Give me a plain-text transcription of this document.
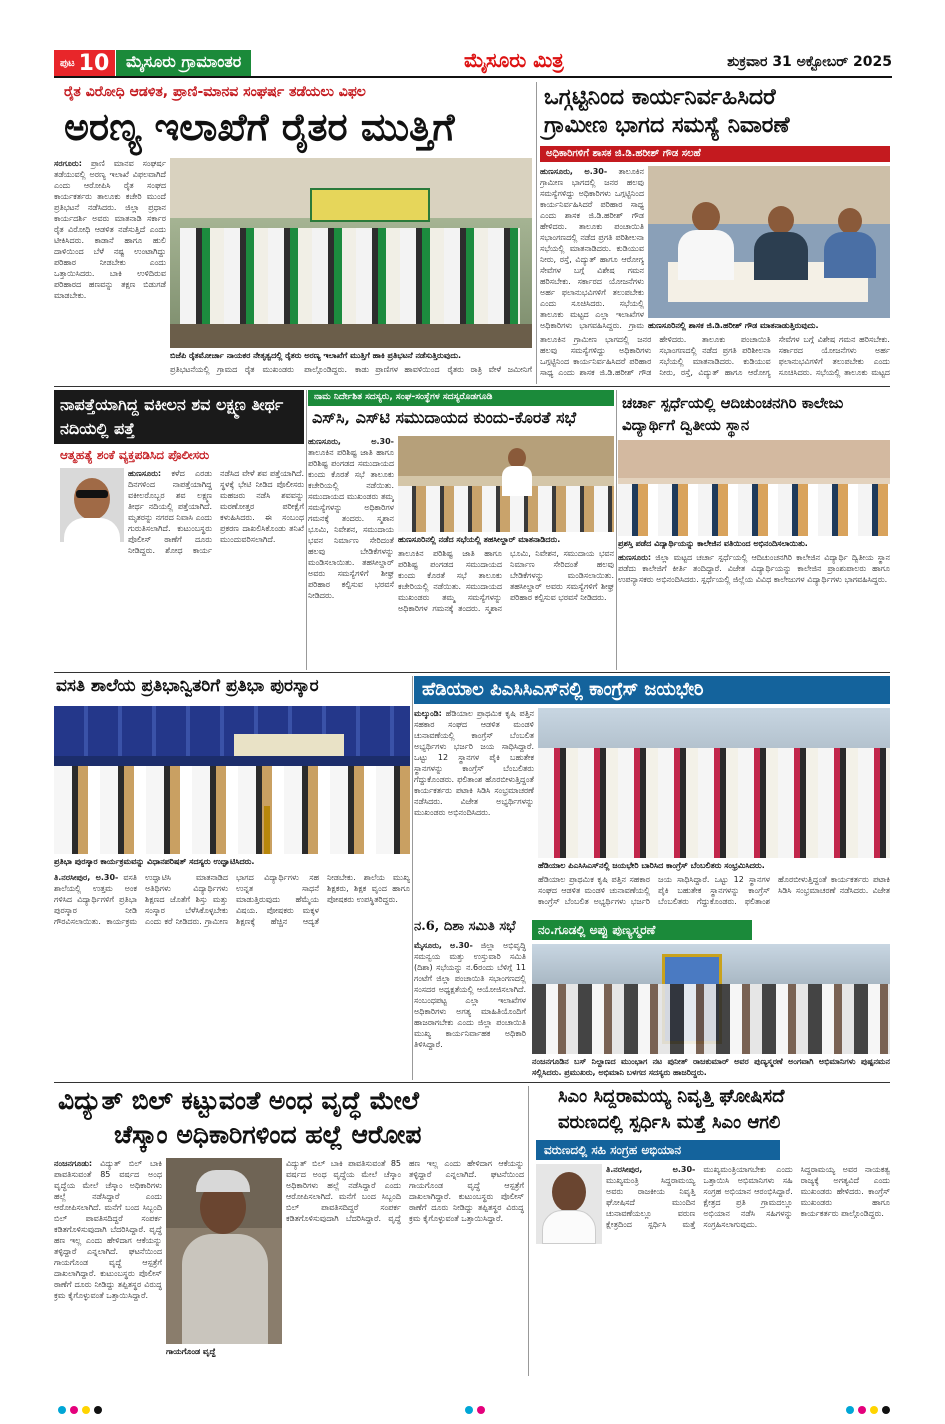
ಪುಟ 10	ಮೈಸೂರು ಗ್ರಾಮಾಂತರ	ಮೈಸೂರು ಮಿತ್ರ	ಶುಕ್ರವಾರ 31 ಅಕ್ಟೋಬರ್ 2025
ರೈತ ವಿರೋಧಿ ಆಡಳಿತ, ಪ್ರಾಣಿ-ಮಾನವ ಸಂಘರ್ಷ ತಡೆಯಲು ವಿಫಲ
ಅರಣ್ಯ ಇಲಾಖೆಗೆ ರೈತರ ಮುತ್ತಿಗೆ
ಸರಗೂರು: ಪ್ರಾಣಿ ಮಾನವ ಸಂಘರ್ಷ ತಡೆಯುವಲ್ಲಿ ಅರಣ್ಯ ಇಲಾಖೆ ವಿಫಲವಾಗಿದೆ ಎಂದು ಆರೋಪಿಸಿ ರೈತ ಸಂಘದ ಕಾರ್ಯಕರ್ತರು ತಾಲೂಕು ಕಚೇರಿ ಮುಂದೆ ಪ್ರತಿಭಟನೆ ನಡೆಸಿದರು. ಜಿಲ್ಲಾ ಪ್ರಧಾನ ಕಾರ್ಯದರ್ಶಿ ಅವರು ಮಾತನಾಡಿ ಸರ್ಕಾರ ರೈತ ವಿರೋಧಿ ಆಡಳಿತ ನಡೆಸುತ್ತಿದೆ ಎಂದು ಟೀಕಿಸಿದರು. ಕಾಡಾನೆ ಹಾಗೂ ಹುಲಿ ದಾಳಿಯಿಂದ ಬೆಳೆ ನಷ್ಟ ಉಂಟಾಗಿದ್ದು ಪರಿಹಾರ ನೀಡಬೇಕು ಎಂದು ಒತ್ತಾಯಿಸಿದರು. ಬಾಕಿ ಉಳಿದಿರುವ ಪರಿಹಾರದ ಹಣವನ್ನು ತಕ್ಷಣ ಬಿಡುಗಡೆ ಮಾಡಬೇಕು.
ಬಿಜೆಪಿ ರೈತಮೋರ್ಚಾ ನಾಯಕರ ನೇತೃತ್ವದಲ್ಲಿ ರೈತರು ಅರಣ್ಯ ಇಲಾಖೆಗೆ ಮುತ್ತಿಗೆ ಹಾಕಿ ಪ್ರತಿಭಟನೆ ನಡೆಸುತ್ತಿರುವುದು.
ಪ್ರತಿಭಟನೆಯಲ್ಲಿ ಗ್ರಾಮದ ರೈತ ಮುಖಂಡರು ಪಾಲ್ಗೊಂಡಿದ್ದರು. ಕಾಡು ಪ್ರಾಣಿಗಳ ಹಾವಳಿಯಿಂದ ರೈತರು ರಾತ್ರಿ ವೇಳೆ ಜಮೀನಿಗೆ
ಒಗ್ಗಟ್ಟಿನಿಂದ ಕಾರ್ಯನಿರ್ವಹಿಸಿದರೆ
ಗ್ರಾಮೀಣ ಭಾಗದ ಸಮಸ್ಯೆ ನಿವಾರಣೆ
ಅಧಿಕಾರಿಗಳಿಗೆ ಶಾಸಕ ಜಿ.ಡಿ.ಹರೀಶ್ ಗೌಡ ಸಲಹೆ
ಹುಣಸೂರು, ಅ.30- ತಾಲೂಕಿನ ಗ್ರಾಮೀಣ ಭಾಗದಲ್ಲಿ ಜನರ ಹಲವು ಸಮಸ್ಯೆಗಳಿದ್ದು ಅಧಿಕಾರಿಗಳು ಒಗ್ಗಟ್ಟಿನಿಂದ ಕಾರ್ಯನಿರ್ವಹಿಸಿದರೆ ಪರಿಹಾರ ಸಾಧ್ಯ ಎಂದು ಶಾಸಕ ಜಿ.ಡಿ.ಹರೀಶ್ ಗೌಡ ಹೇಳಿದರು. ತಾಲೂಕು ಪಂಚಾಯಿತಿ ಸಭಾಂಗಣದಲ್ಲಿ ನಡೆದ ಪ್ರಗತಿ ಪರಿಶೀಲನಾ ಸಭೆಯಲ್ಲಿ ಮಾತನಾಡಿದರು. ಕುಡಿಯುವ ನೀರು, ರಸ್ತೆ, ವಿದ್ಯುತ್ ಹಾಗೂ ಆರೋಗ್ಯ ಸೇವೆಗಳ ಬಗ್ಗೆ ವಿಶೇಷ ಗಮನ ಹರಿಸಬೇಕು. ಸರ್ಕಾರದ ಯೋಜನೆಗಳು ಅರ್ಹ ಫಲಾನುಭವಿಗಳಿಗೆ ತಲುಪಬೇಕು ಎಂದು ಸೂಚಿಸಿದರು. ಸಭೆಯಲ್ಲಿ ತಾಲೂಕು ಮಟ್ಟದ ಎಲ್ಲಾ ಇಲಾಖೆಗಳ ಅಧಿಕಾರಿಗಳು ಭಾಗವಹಿಸಿದ್ದರು. ಗ್ರಾಮ ಹುಣಸೂರಿನಲ್ಲಿ ಶಾಸಕ ಜಿ.ಡಿ.ಹರೀಶ್ ಗೌಡ ಮಾತನಾಡುತ್ತಿರುವುದು.
ತಾಲೂಕಿನ ಗ್ರಾಮೀಣ ಭಾಗದಲ್ಲಿ ಜನರ ಹಲವು ಸಮಸ್ಯೆಗಳಿದ್ದು ಅಧಿಕಾರಿಗಳು ಒಗ್ಗಟ್ಟಿನಿಂದ ಕಾರ್ಯನಿರ್ವಹಿಸಿದರೆ ಪರಿಹಾರ ಸಾಧ್ಯ ಎಂದು ಶಾಸಕ ಜಿ.ಡಿ.ಹರೀಶ್ ಗೌಡ ಹೇಳಿದರು. ತಾಲೂಕು ಪಂಚಾಯಿತಿ ಸಭಾಂಗಣದಲ್ಲಿ ನಡೆದ ಪ್ರಗತಿ ಪರಿಶೀಲನಾ ಸಭೆಯಲ್ಲಿ ಮಾತನಾಡಿದರು. ಕುಡಿಯುವ ನೀರು, ರಸ್ತೆ, ವಿದ್ಯುತ್ ಹಾಗೂ ಆರೋಗ್ಯ ಸೇವೆಗಳ ಬಗ್ಗೆ ವಿಶೇಷ ಗಮನ ಹರಿಸಬೇಕು. ಸರ್ಕಾರದ ಯೋಜನೆಗಳು ಅರ್ಹ ಫಲಾನುಭವಿಗಳಿಗೆ ತಲುಪಬೇಕು ಎಂದು ಸೂಚಿಸಿದರು. ಸಭೆಯಲ್ಲಿ ತಾಲೂಕು ಮಟ್ಟದ
ನಾಪತ್ತೆಯಾಗಿದ್ದ ವಕೀಲನ ಶವ ಲಕ್ಷ್ಮಣ ತೀರ್ಥ ನದಿಯಲ್ಲಿ ಪತ್ತೆ
ಆತ್ಮಹತ್ಯೆ ಶಂಕೆ ವ್ಯಕ್ತಪಡಿಸಿದ ಪೊಲೀಸರು
ಹುಣಸೂರು: ಕಳೆದ ಎರಡು ದಿನಗಳಿಂದ ನಾಪತ್ತೆಯಾಗಿದ್ದ ವಕೀಲರೊಬ್ಬರ ಶವ ಲಕ್ಷ್ಮಣ ತೀರ್ಥ ನದಿಯಲ್ಲಿ ಪತ್ತೆಯಾಗಿದೆ. ಮೃತರನ್ನು ನಗರದ ನಿವಾಸಿ ಎಂದು ಗುರುತಿಸಲಾಗಿದೆ. ಕುಟುಂಬಸ್ಥರು ಪೊಲೀಸ್ ಠಾಣೆಗೆ ದೂರು ನೀಡಿದ್ದರು. ಶೋಧ ಕಾರ್ಯ ನಡೆಸಿದ ವೇಳೆ ಶವ ಪತ್ತೆಯಾಗಿದೆ. ಸ್ಥಳಕ್ಕೆ ಭೇಟಿ ನೀಡಿದ ಪೊಲೀಸರು ಮಹಜರು ನಡೆಸಿ ಶವವನ್ನು ಮರಣೋತ್ತರ ಪರೀಕ್ಷೆಗೆ ಕಳುಹಿಸಿದರು. ಈ ಸಂಬಂಧ ಪ್ರಕರಣ ದಾಖಲಿಸಿಕೊಂಡು ತನಿಖೆ ಮುಂದುವರಿಸಲಾಗಿದೆ.
ನಾಮ ನಿರ್ದೇಶಿತ ಸದಸ್ಯರು, ಸಂಘ-ಸಂಸ್ಥೆಗಳ ಸದಸ್ಯರೊಡಗೂಡಿ
ಎಸ್‌ಸಿ, ಎಸ್‌ಟಿ ಸಮುದಾಯದ ಕುಂದು-ಕೊರತೆ ಸಭೆ
ಹುಣಸೂರು, ಅ.30- ತಾಲೂಕಿನ ಪರಿಶಿಷ್ಟ ಜಾತಿ ಹಾಗೂ ಪರಿಶಿಷ್ಟ ಪಂಗಡದ ಸಮುದಾಯದ ಕುಂದು ಕೊರತೆ ಸಭೆ ತಾಲೂಕು ಕಚೇರಿಯಲ್ಲಿ ನಡೆಯಿತು. ಸಮುದಾಯದ ಮುಖಂಡರು ತಮ್ಮ ಸಮಸ್ಯೆಗಳನ್ನು ಅಧಿಕಾರಿಗಳ ಗಮನಕ್ಕೆ ತಂದರು. ಸ್ಮಶಾನ ಭೂಮಿ, ನಿವೇಶನ, ಸಮುದಾಯ ಭವನ ನಿರ್ಮಾಣ ಸೇರಿದಂತೆ ಹಲವು ಬೇಡಿಕೆಗಳನ್ನು ಮಂಡಿಸಲಾಯಿತು. ತಹಸೀಲ್ದಾರ್ ಅವರು ಸಮಸ್ಯೆಗಳಿಗೆ ಶೀಘ್ರ ಪರಿಹಾರ ಕಲ್ಪಿಸುವ ಭರವಸೆ ನೀಡಿದರು.
ಹುಣಸೂರಿನಲ್ಲಿ ನಡೆದ ಸಭೆಯಲ್ಲಿ ತಹಸೀಲ್ದಾರ್ ಮಾತನಾಡಿದರು.
ತಾಲೂಕಿನ ಪರಿಶಿಷ್ಟ ಜಾತಿ ಹಾಗೂ ಪರಿಶಿಷ್ಟ ಪಂಗಡದ ಸಮುದಾಯದ ಕುಂದು ಕೊರತೆ ಸಭೆ ತಾಲೂಕು ಕಚೇರಿಯಲ್ಲಿ ನಡೆಯಿತು. ಸಮುದಾಯದ ಮುಖಂಡರು ತಮ್ಮ ಸಮಸ್ಯೆಗಳನ್ನು ಅಧಿಕಾರಿಗಳ ಗಮನಕ್ಕೆ ತಂದರು. ಸ್ಮಶಾನ ಭೂಮಿ, ನಿವೇಶನ, ಸಮುದಾಯ ಭವನ ನಿರ್ಮಾಣ ಸೇರಿದಂತೆ ಹಲವು ಬೇಡಿಕೆಗಳನ್ನು ಮಂಡಿಸಲಾಯಿತು. ತಹಸೀಲ್ದಾರ್ ಅವರು ಸಮಸ್ಯೆಗಳಿಗೆ ಶೀಘ್ರ ಪರಿಹಾರ ಕಲ್ಪಿಸುವ ಭರವಸೆ ನೀಡಿದರು.
ಚರ್ಚಾ ಸ್ಪರ್ಧೆಯಲ್ಲಿ ಆದಿಚುಂಚನಗಿರಿ ಕಾಲೇಜು ವಿದ್ಯಾರ್ಥಿಗೆ ದ್ವಿತೀಯ ಸ್ಥಾನ
ಪ್ರಶಸ್ತಿ ಪಡೆದ ವಿದ್ಯಾರ್ಥಿಯನ್ನು ಕಾಲೇಜಿನ ವತಿಯಿಂದ ಅಭಿನಂದಿಸಲಾಯಿತು.
ಹುಣಸೂರು: ಜಿಲ್ಲಾ ಮಟ್ಟದ ಚರ್ಚಾ ಸ್ಪರ್ಧೆಯಲ್ಲಿ ಆದಿಚುಂಚನಗಿರಿ ಕಾಲೇಜಿನ ವಿದ್ಯಾರ್ಥಿ ದ್ವಿತೀಯ ಸ್ಥಾನ ಪಡೆದು ಕಾಲೇಜಿಗೆ ಕೀರ್ತಿ ತಂದಿದ್ದಾರೆ. ವಿಜೇತ ವಿದ್ಯಾರ್ಥಿಯನ್ನು ಕಾಲೇಜಿನ ಪ್ರಾಂಶುಪಾಲರು ಹಾಗೂ ಉಪನ್ಯಾಸಕರು ಅಭಿನಂದಿಸಿದರು. ಸ್ಪರ್ಧೆಯಲ್ಲಿ ಜಿಲ್ಲೆಯ ವಿವಿಧ ಕಾಲೇಜುಗಳ ವಿದ್ಯಾರ್ಥಿಗಳು ಭಾಗವಹಿಸಿದ್ದರು.
ವಸತಿ ಶಾಲೆಯ ಪ್ರತಿಭಾನ್ವಿತರಿಗೆ ಪ್ರತಿಭಾ ಪುರಸ್ಕಾರ
ಪ್ರತಿಭಾ ಪುರಸ್ಕಾರ ಕಾರ್ಯಕ್ರಮವನ್ನು ವಿಧಾನಪರಿಷತ್ ಸದಸ್ಯರು ಉದ್ಘಾಟಿಸಿದರು.
ತಿ.ನರಸೀಪುರ, ಅ.30- ವಸತಿ ಶಾಲೆಯಲ್ಲಿ ಉತ್ತಮ ಅಂಕ ಗಳಿಸಿದ ವಿದ್ಯಾರ್ಥಿಗಳಿಗೆ ಪ್ರತಿಭಾ ಪುರಸ್ಕಾರ ನೀಡಿ ಗೌರವಿಸಲಾಯಿತು. ಕಾರ್ಯಕ್ರಮ ಉದ್ಘಾಟಿಸಿ ಮಾತನಾಡಿದ ಅತಿಥಿಗಳು ವಿದ್ಯಾರ್ಥಿಗಳು ಶಿಕ್ಷಣದ ಜೊತೆಗೆ ಶಿಸ್ತು ಮತ್ತು ಸಂಸ್ಕಾರ ಬೆಳೆಸಿಕೊಳ್ಳಬೇಕು ಎಂದು ಕರೆ ನೀಡಿದರು. ಗ್ರಾಮೀಣ ಭಾಗದ ವಿದ್ಯಾರ್ಥಿಗಳು ಸಹ ಉನ್ನತ ಸಾಧನೆ ಮಾಡುತ್ತಿರುವುದು ಹೆಮ್ಮೆಯ ವಿಷಯ. ಪೋಷಕರು ಮಕ್ಕಳ ಶಿಕ್ಷಣಕ್ಕೆ ಹೆಚ್ಚಿನ ಆದ್ಯತೆ ನೀಡಬೇಕು. ಶಾಲೆಯ ಮುಖ್ಯ ಶಿಕ್ಷಕರು, ಶಿಕ್ಷಕ ವೃಂದ ಹಾಗೂ ಪೋಷಕರು ಉಪಸ್ಥಿತರಿದ್ದರು.
ಹೆಡಿಯಾಲ ಪಿಎಸಿಸಿಎಸ್‌ನಲ್ಲಿ ಕಾಂಗ್ರೆಸ್ ಜಯಭೇರಿ
ಮಲ್ಕುಂಡಿ: ಹೆಡಿಯಾಲ ಪ್ರಾಥಮಿಕ ಕೃಷಿ ಪತ್ತಿನ ಸಹಕಾರ ಸಂಘದ ಆಡಳಿತ ಮಂಡಳಿ ಚುನಾವಣೆಯಲ್ಲಿ ಕಾಂಗ್ರೆಸ್ ಬೆಂಬಲಿತ ಅಭ್ಯರ್ಥಿಗಳು ಭರ್ಜರಿ ಜಯ ಸಾಧಿಸಿದ್ದಾರೆ. ಒಟ್ಟು 12 ಸ್ಥಾನಗಳ ಪೈಕಿ ಬಹುತೇಕ ಸ್ಥಾನಗಳನ್ನು ಕಾಂಗ್ರೆಸ್ ಬೆಂಬಲಿತರು ಗೆದ್ದುಕೊಂಡರು. ಫಲಿತಾಂಶ ಹೊರಬೀಳುತ್ತಿದ್ದಂತೆ ಕಾರ್ಯಕರ್ತರು ಪಟಾಕಿ ಸಿಡಿಸಿ ಸಂಭ್ರಮಾಚರಣೆ ನಡೆಸಿದರು. ವಿಜೇತ ಅಭ್ಯರ್ಥಿಗಳನ್ನು ಮುಖಂಡರು ಅಭಿನಂದಿಸಿದರು.
ಹೆಡಿಯಾಲ ಪಿಎಸಿಸಿಎಸ್‌ನಲ್ಲಿ ಜಯಭೇರಿ ಬಾರಿಸಿದ ಕಾಂಗ್ರೆಸ್ ಬೆಂಬಲಿತರು ಸಂಭ್ರಮಿಸಿದರು.
ಹೆಡಿಯಾಲ ಪ್ರಾಥಮಿಕ ಕೃಷಿ ಪತ್ತಿನ ಸಹಕಾರ ಸಂಘದ ಆಡಳಿತ ಮಂಡಳಿ ಚುನಾವಣೆಯಲ್ಲಿ ಕಾಂಗ್ರೆಸ್ ಬೆಂಬಲಿತ ಅಭ್ಯರ್ಥಿಗಳು ಭರ್ಜರಿ ಜಯ ಸಾಧಿಸಿದ್ದಾರೆ. ಒಟ್ಟು 12 ಸ್ಥಾನಗಳ ಪೈಕಿ ಬಹುತೇಕ ಸ್ಥಾನಗಳನ್ನು ಕಾಂಗ್ರೆಸ್ ಬೆಂಬಲಿತರು ಗೆದ್ದುಕೊಂಡರು. ಫಲಿತಾಂಶ ಹೊರಬೀಳುತ್ತಿದ್ದಂತೆ ಕಾರ್ಯಕರ್ತರು ಪಟಾಕಿ ಸಿಡಿಸಿ ಸಂಭ್ರಮಾಚರಣೆ ನಡೆಸಿದರು. ವಿಜೇತ
ನ.6, ದಿಶಾ ಸಮಿತಿ ಸಭೆ
ಮೈಸೂರು, ಅ.30- ಜಿಲ್ಲಾ ಅಭಿವೃದ್ಧಿ ಸಮನ್ವಯ ಮತ್ತು ಉಸ್ತುವಾರಿ ಸಮಿತಿ (ದಿಶಾ) ಸಭೆಯನ್ನು ನ.6ರಂದು ಬೆಳಿಗ್ಗೆ 11 ಗಂಟೆಗೆ ಜಿಲ್ಲಾ ಪಂಚಾಯಿತಿ ಸಭಾಂಗಣದಲ್ಲಿ ಸಂಸದರ ಅಧ್ಯಕ್ಷತೆಯಲ್ಲಿ ಆಯೋಜಿಸಲಾಗಿದೆ. ಸಂಬಂಧಪಟ್ಟ ಎಲ್ಲಾ ಇಲಾಖೆಗಳ ಅಧಿಕಾರಿಗಳು ಅಗತ್ಯ ಮಾಹಿತಿಯೊಂದಿಗೆ ಹಾಜರಾಗಬೇಕು ಎಂದು ಜಿಲ್ಲಾ ಪಂಚಾಯಿತಿ ಮುಖ್ಯ ಕಾರ್ಯನಿರ್ವಾಹಕ ಅಧಿಕಾರಿ ತಿಳಿಸಿದ್ದಾರೆ.
ನಂ.ಗೂಡಲ್ಲಿ ಅಪ್ಪು ಪುಣ್ಯಸ್ಮರಣೆ
ನಂಜನಗೂಡಿನ ಬಸ್ ನಿಲ್ದಾಣದ ಮುಂಭಾಗ ನಟ ಪುನೀತ್ ರಾಜಕುಮಾರ್ ಅವರ ಪುಣ್ಯಸ್ಮರಣೆ ಅಂಗವಾಗಿ ಅಭಿಮಾನಿಗಳು ಪುಷ್ಪನಮನ ಸಲ್ಲಿಸಿದರು. ಪ್ರಮುಖರು, ಅಭಿಮಾನಿ ಬಳಗದ ಸದಸ್ಯರು ಹಾಜರಿದ್ದರು.
ವಿದ್ಯುತ್ ಬಿಲ್ ಕಟ್ಟುವಂತೆ ಅಂಧ ವೃದ್ಧೆ ಮೇಲೆ
ಚೆಸ್ಕಾಂ ಅಧಿಕಾರಿಗಳಿಂದ ಹಲ್ಲೆ ಆರೋಪ
ನಂಜನಗೂಡು: ವಿದ್ಯುತ್ ಬಿಲ್ ಬಾಕಿ ಪಾವತಿಸುವಂತೆ 85 ವರ್ಷದ ಅಂಧ ವೃದ್ಧೆಯ ಮೇಲೆ ಚೆಸ್ಕಾಂ ಅಧಿಕಾರಿಗಳು ಹಲ್ಲೆ ನಡೆಸಿದ್ದಾರೆ ಎಂದು ಆರೋಪಿಸಲಾಗಿದೆ. ಮನೆಗೆ ಬಂದ ಸಿಬ್ಬಂದಿ ಬಿಲ್ ಪಾವತಿಸದಿದ್ದರೆ ಸಂಪರ್ಕ ಕಡಿತಗೊಳಿಸುವುದಾಗಿ ಬೆದರಿಸಿದ್ದಾರೆ. ವೃದ್ಧೆ ಹಣ ಇಲ್ಲ ಎಂದು ಹೇಳಿದಾಗ ಆಕೆಯನ್ನು ತಳ್ಳಿದ್ದಾರೆ ಎನ್ನಲಾಗಿದೆ. ಘಟನೆಯಿಂದ ಗಾಯಗೊಂಡ ವೃದ್ಧೆ ಆಸ್ಪತ್ರೆಗೆ ದಾಖಲಾಗಿದ್ದಾರೆ. ಕುಟುಂಬಸ್ಥರು ಪೊಲೀಸ್ ಠಾಣೆಗೆ ದೂರು ನೀಡಿದ್ದು ತಪ್ಪಿತಸ್ಥರ ವಿರುದ್ಧ ಕ್ರಮ ಕೈಗೊಳ್ಳುವಂತೆ ಒತ್ತಾಯಿಸಿದ್ದಾರೆ.
ಗಾಯಗೊಂಡ ವೃದ್ಧೆ
ವಿದ್ಯುತ್ ಬಿಲ್ ಬಾಕಿ ಪಾವತಿಸುವಂತೆ 85 ವರ್ಷದ ಅಂಧ ವೃದ್ಧೆಯ ಮೇಲೆ ಚೆಸ್ಕಾಂ ಅಧಿಕಾರಿಗಳು ಹಲ್ಲೆ ನಡೆಸಿದ್ದಾರೆ ಎಂದು ಆರೋಪಿಸಲಾಗಿದೆ. ಮನೆಗೆ ಬಂದ ಸಿಬ್ಬಂದಿ ಬಿಲ್ ಪಾವತಿಸದಿದ್ದರೆ ಸಂಪರ್ಕ ಕಡಿತಗೊಳಿಸುವುದಾಗಿ ಬೆದರಿಸಿದ್ದಾರೆ. ವೃದ್ಧೆ ಹಣ ಇಲ್ಲ ಎಂದು ಹೇಳಿದಾಗ ಆಕೆಯನ್ನು ತಳ್ಳಿದ್ದಾರೆ ಎನ್ನಲಾಗಿದೆ. ಘಟನೆಯಿಂದ ಗಾಯಗೊಂಡ ವೃದ್ಧೆ ಆಸ್ಪತ್ರೆಗೆ ದಾಖಲಾಗಿದ್ದಾರೆ. ಕುಟುಂಬಸ್ಥರು ಪೊಲೀಸ್ ಠಾಣೆಗೆ ದೂರು ನೀಡಿದ್ದು ತಪ್ಪಿತಸ್ಥರ ವಿರುದ್ಧ ಕ್ರಮ ಕೈಗೊಳ್ಳುವಂತೆ ಒತ್ತಾಯಿಸಿದ್ದಾರೆ.
ಸಿಎಂ ಸಿದ್ದರಾಮಯ್ಯ ನಿವೃತ್ತಿ ಘೋಷಿಸದೆ
ವರುಣದಲ್ಲಿ ಸ್ಪರ್ಧಿಸಿ ಮತ್ತೆ ಸಿಎಂ ಆಗಲಿ
ವರುಣದಲ್ಲಿ ಸಹಿ ಸಂಗ್ರಹ ಅಭಿಯಾನ
ತಿ.ನರಸೀಪುರ, ಅ.30- ಮುಖ್ಯಮಂತ್ರಿ ಸಿದ್ದರಾಮಯ್ಯ ಅವರು ರಾಜಕೀಯ ನಿವೃತ್ತಿ ಘೋಷಿಸದೆ ಮುಂದಿನ ಚುನಾವಣೆಯಲ್ಲೂ ವರುಣ ಕ್ಷೇತ್ರದಿಂದ ಸ್ಪರ್ಧಿಸಿ ಮತ್ತೆ ಮುಖ್ಯಮಂತ್ರಿಯಾಗಬೇಕು ಎಂದು ಒತ್ತಾಯಿಸಿ ಅಭಿಮಾನಿಗಳು ಸಹಿ ಸಂಗ್ರಹ ಅಭಿಯಾನ ಆರಂಭಿಸಿದ್ದಾರೆ. ಕ್ಷೇತ್ರದ ಪ್ರತಿ ಗ್ರಾಮದಲ್ಲೂ ಅಭಿಯಾನ ನಡೆಸಿ ಸಹಿಗಳನ್ನು ಸಂಗ್ರಹಿಸಲಾಗುವುದು. ಸಿದ್ದರಾಮಯ್ಯ ಅವರ ನಾಯಕತ್ವ ರಾಜ್ಯಕ್ಕೆ ಅಗತ್ಯವಿದೆ ಎಂದು ಮುಖಂಡರು ಹೇಳಿದರು. ಕಾಂಗ್ರೆಸ್ ಮುಖಂಡರು ಹಾಗೂ ಕಾರ್ಯಕರ್ತರು ಪಾಲ್ಗೊಂಡಿದ್ದರು.
